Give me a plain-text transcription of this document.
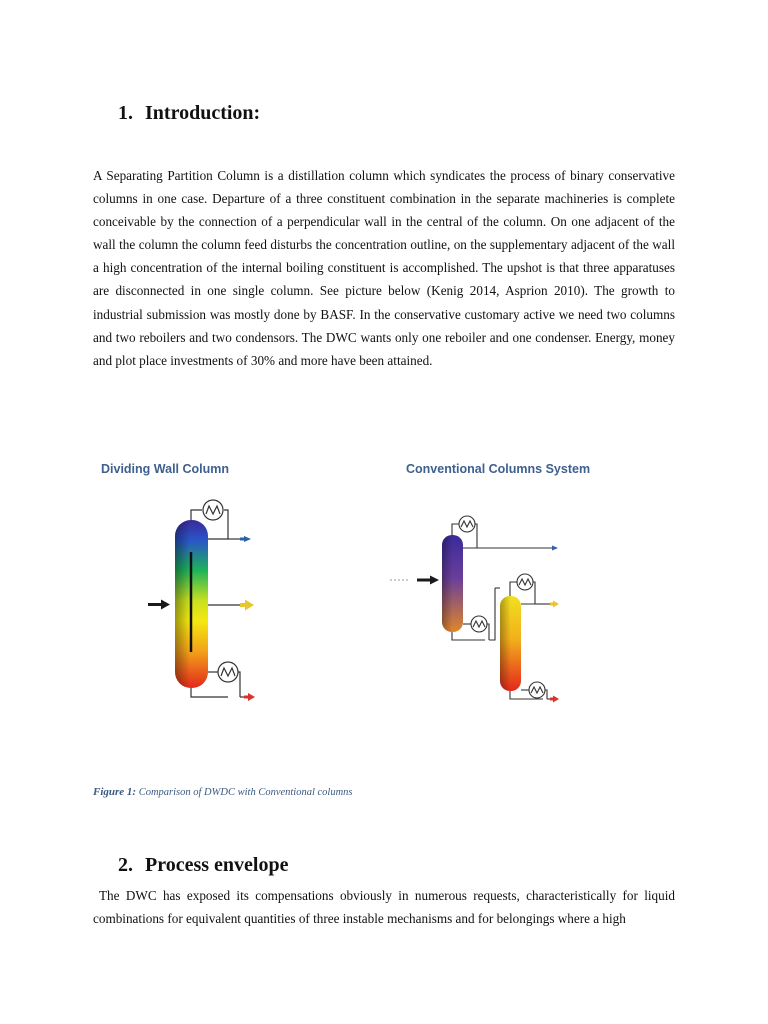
1. Introduction:

A Separating Partition Column is a distillation column which syndicates the process of binary conservative columns in one case. Departure of a three constituent combination in the separate machineries is complete conceivable by the connection of a perpendicular wall in the central of the column. On one adjacent of the wall the column the column feed disturbs the concentration outline, on the supplementary adjacent of the wall a high concentration of the internal boiling constituent is accomplished. The upshot is that three apparatuses are disconnected in one single column. See picture below (Kenig 2014, Asprion 2010). The growth to industrial submission was mostly done by BASF. In the conservative customary active we need two columns and two reboilers and two condensors. The DWC wants only one reboiler and one condenser. Energy, money and plot place investments of 30% and more have been attained.

Dividing Wall Column	Conventional Columns System
Figure 1: Comparison of DWDC with Conventional columns
2. Process envelope

The DWC has exposed its compensations obviously in numerous requests, characteristically for liquid combinations for equivalent quantities of three instable mechanisms and for belongings where a high
